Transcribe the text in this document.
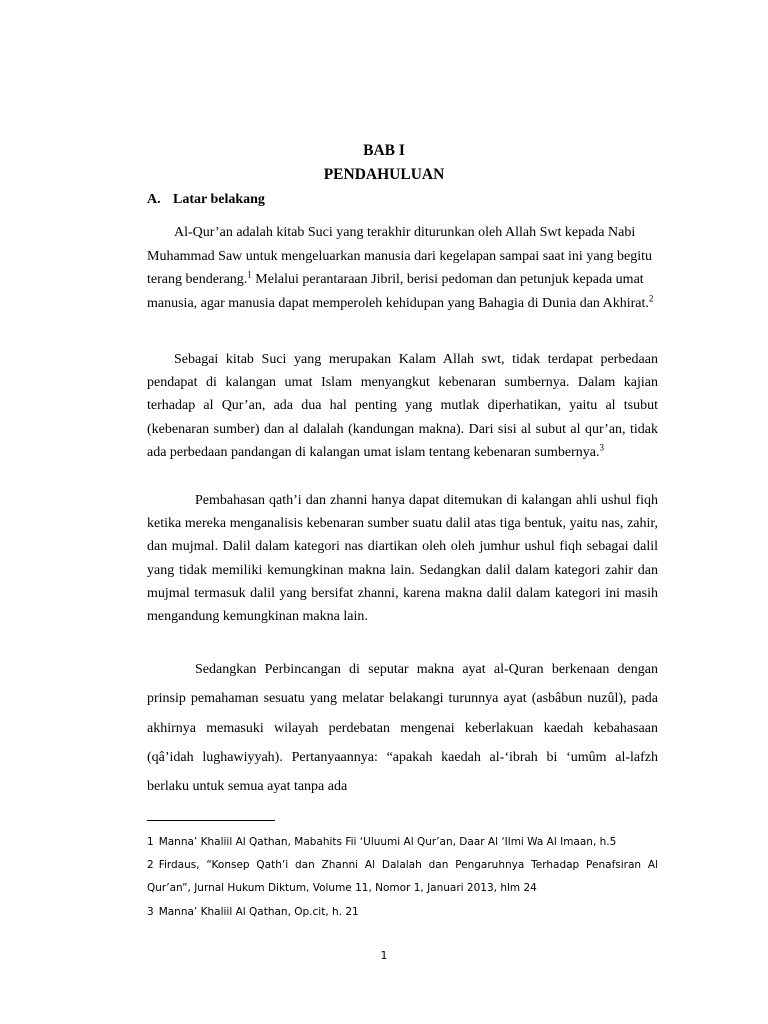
BAB I
PENDAHULUAN
A. Latar belakang
Al-Qur’an adalah kitab Suci yang terakhir diturunkan oleh Allah Swt kepada Nabi Muhammad Saw untuk mengeluarkan manusia dari kegelapan sampai saat ini yang begitu terang benderang.$^1$ Melalui perantaraan Jibril, berisi pedoman dan petunjuk kepada umat manusia, agar manusia dapat memperoleh kehidupan yang Bahagia di Dunia dan Akhirat.$^2$
Sebagai kitab Suci yang merupakan Kalam Allah swt, tidak terdapat perbedaan pendapat di kalangan umat Islam menyangkut kebenaran sumbernya. Dalam kajian terhadap al Qur’an, ada dua hal penting yang mutlak diperhatikan, yaitu al tsubut (kebenaran sumber) dan al dalalah (kandungan makna). Dari sisi al subut al qur’an, tidak ada perbedaan pandangan di kalangan umat islam tentang kebenaran sumbernya.$^3$
Pembahasan qath’i dan zhanni hanya dapat ditemukan di kalangan ahli ushul fiqh ketika mereka menganalisis kebenaran sumber suatu dalil atas tiga bentuk, yaitu nas, zahir, dan mujmal. Dalil dalam kategori nas diartikan oleh oleh jumhur ushul fiqh sebagai dalil yang tidak memiliki kemungkinan makna lain. Sedangkan dalil dalam kategori zahir dan mujmal termasuk dalil yang bersifat zhanni, karena makna dalil dalam kategori ini masih mengandung kemungkinan makna lain.
Sedangkan Perbincangan di seputar makna ayat al-Quran berkenaan dengan prinsip pemahaman sesuatu yang melatar belakangi turunnya ayat (asbâbun nuzûl), pada akhirnya memasuki wilayah perdebatan mengenai keberlakuan kaedah kebahasaan (qâ’idah lughawiyyah). Pertanyaannya: “apakah kaedah al-‘ibrah bi ‘umûm al-lafzh berlaku untuk semua ayat tanpa ada
1 Manna’ Khaliil Al Qathan, Mabahits Fii ‘Uluumi Al Qur’an, Daar Al ‘Ilmi Wa Al Imaan, h.5
2 Firdaus, “Konsep Qath’i dan Zhanni Al Dalalah dan Pengaruhnya Terhadap Penafsiran Al Qur’an”, Jurnal Hukum Diktum, Volume 11, Nomor 1, Januari 2013, hlm 24
3 Manna’ Khaliil Al Qathan, Op.cit, h. 21
1
